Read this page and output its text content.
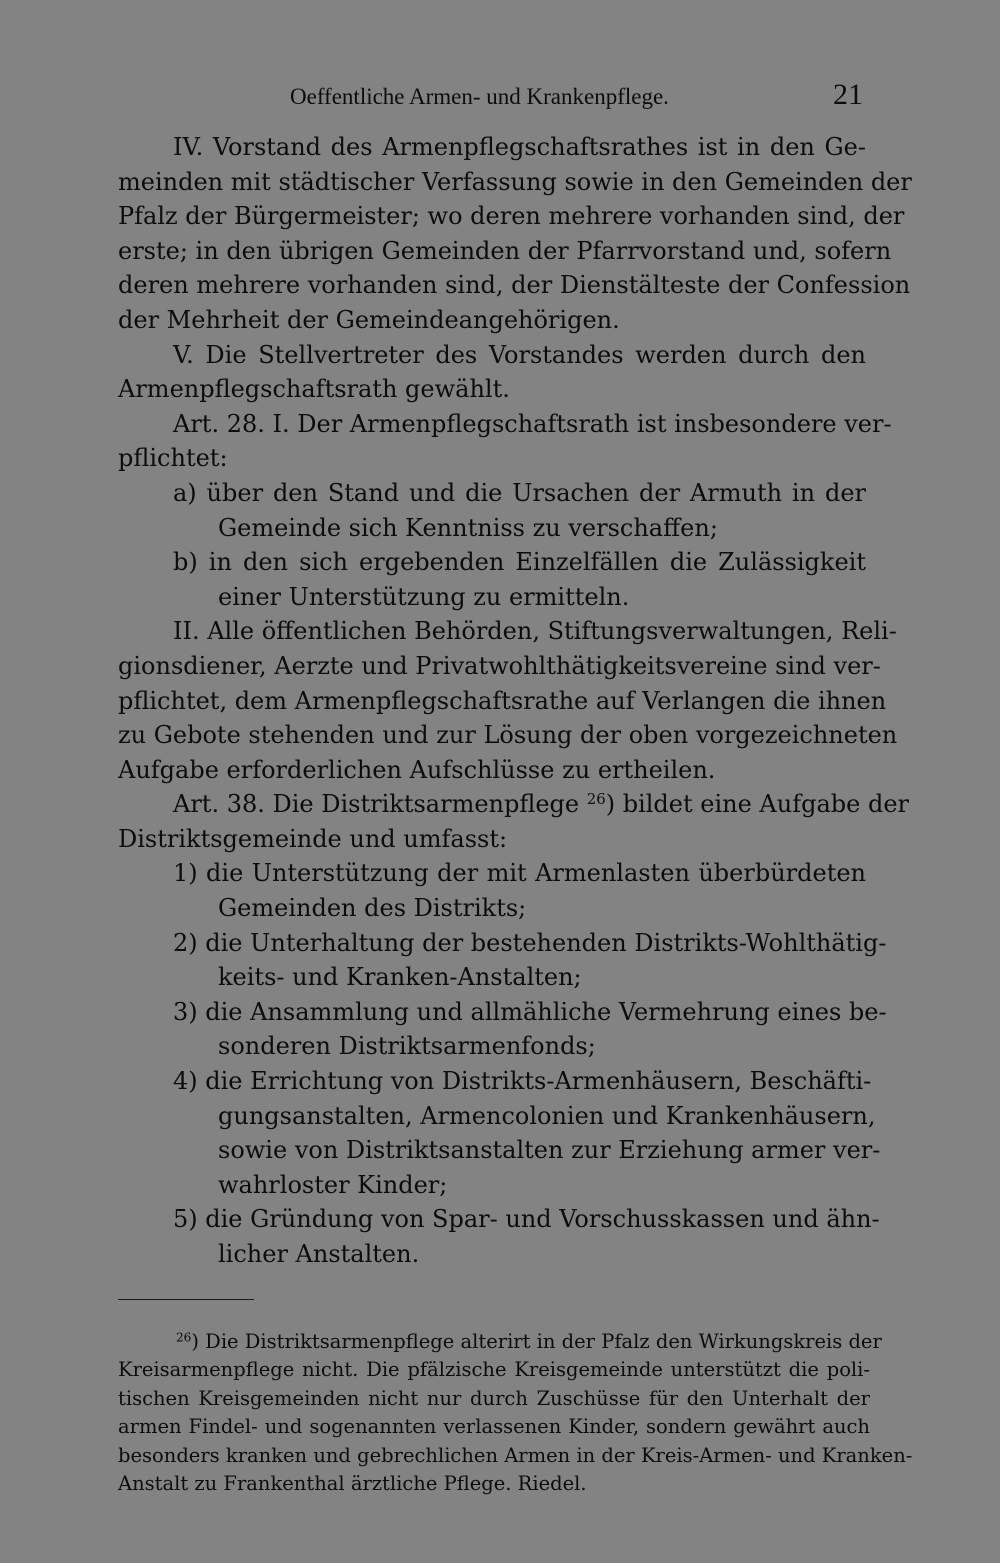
Oeffentliche Armen- und Krankenpflege.	21
IV. Vorstand des Armenpflegschaftsrathes ist in den Ge-
meinden mit städtischer Verfassung sowie in den Gemeinden der
Pfalz der Bürgermeister; wo deren mehrere vorhanden sind, der
erste; in den übrigen Gemeinden der Pfarrvorstand und, sofern
deren mehrere vorhanden sind, der Dienstälteste der Confession
der Mehrheit der Gemeindeangehörigen.
V. Die Stellvertreter des Vorstandes werden durch den
Armenpflegschaftsrath gewählt.
Art. 28. I. Der Armenpflegschaftsrath ist insbesondere ver-
pflichtet:
a) über den Stand und die Ursachen der Armuth in der
Gemeinde sich Kenntniss zu verschaffen;
b) in den sich ergebenden Einzelfällen die Zulässigkeit
einer Unterstützung zu ermitteln.
II. Alle öffentlichen Behörden, Stiftungsverwaltungen, Reli-
gionsdiener, Aerzte und Privatwohlthätigkeitsvereine sind ver-
pflichtet, dem Armenpflegschaftsrathe auf Verlangen die ihnen
zu Gebote stehenden und zur Lösung der oben vorgezeichneten
Aufgabe erforderlichen Aufschlüsse zu ertheilen.
Art. 38. Die Distriktsarmenpflege $^{26}$) bildet eine Aufgabe der
Distriktsgemeinde und umfasst:
1) die Unterstützung der mit Armenlasten überbürdeten
Gemeinden des Distrikts;
2) die Unterhaltung der bestehenden Distrikts-Wohlthätig-
keits- und Kranken-Anstalten;
3) die Ansammlung und allmähliche Vermehrung eines be-
sonderen Distriktsarmenfonds;
4) die Errichtung von Distrikts-Armenhäusern, Beschäfti-
gungsanstalten, Armencolonien und Krankenhäusern,
sowie von Distriktsanstalten zur Erziehung armer ver-
wahrloster Kinder;
5) die Gründung von Spar- und Vorschusskassen und ähn-
licher Anstalten.
$^{26}$) Die Distriktsarmenpflege alterirt in der Pfalz den Wirkungskreis der
Kreisarmenpflege nicht. Die pfälzische Kreisgemeinde unterstützt die poli-
tischen Kreisgemeinden nicht nur durch Zuschüsse für den Unterhalt der
armen Findel- und sogenannten verlassenen Kinder, sondern gewährt auch
besonders kranken und gebrechlichen Armen in der Kreis-Armen- und Kranken-
Anstalt zu Frankenthal ärztliche Pflege. Riedel.
